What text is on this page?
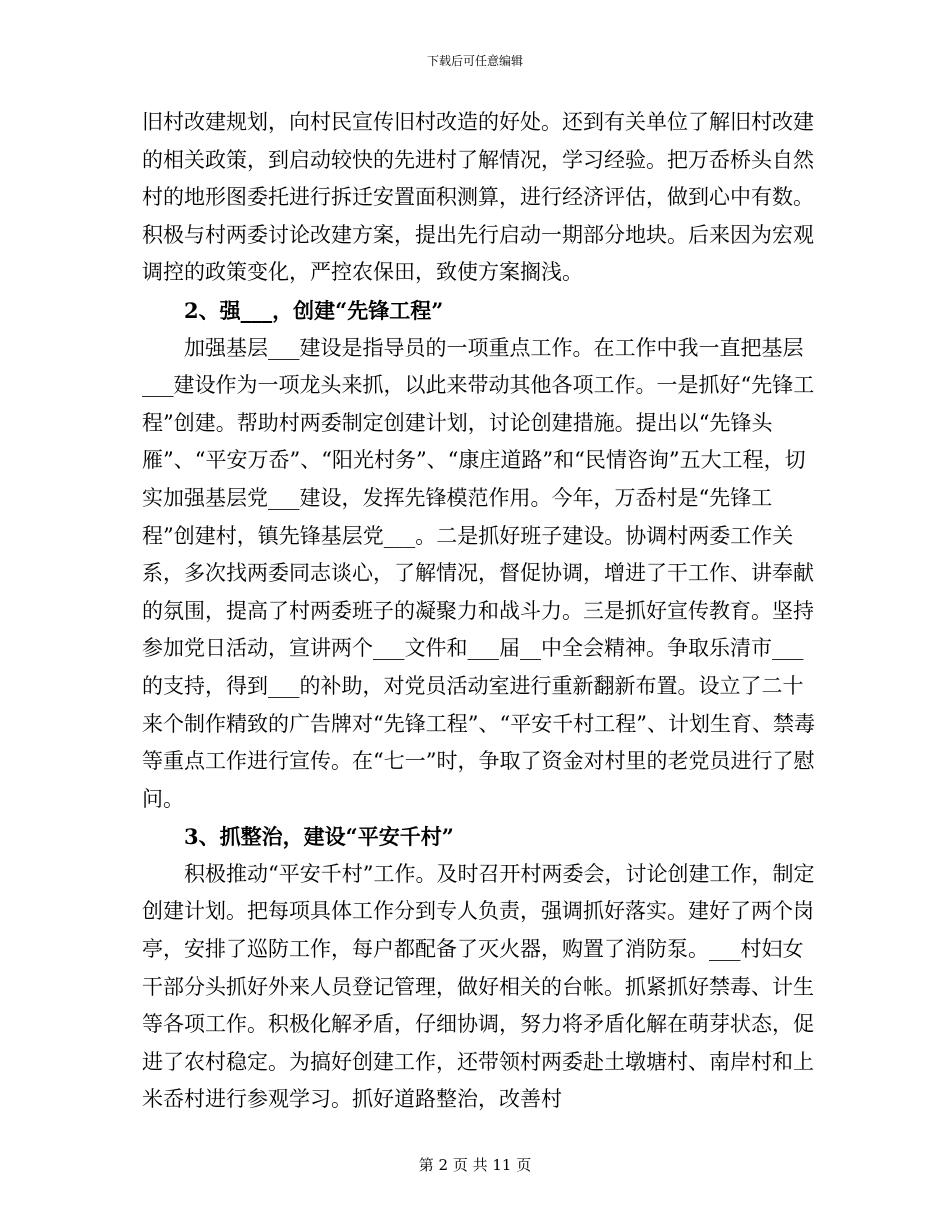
下载后可任意编辑

旧村改建规划，向村民宣传旧村改造的好处。还到有关单位了解旧村改建的相关政策，到启动较快的先进村了解情况，学习经验。把万岙桥头自然村的地形图委托进行拆迁安置面积测算，进行经济评估，做到心中有数。积极与村两委讨论改建方案，提出先行启动一期部分地块。后来因为宏观调控的政策变化，严控农保田，致使方案搁浅。

2、强___，创建“先锋工程”

加强基层___建设是指导员的一项重点工作。在工作中我一直把基层___建设作为一项龙头来抓，以此来带动其他各项工作。一是抓好“先锋工程”创建。帮助村两委制定创建计划，讨论创建措施。提出以“先锋头雁”、“平安万岙”、“阳光村务”、“康庄道路”和“民情咨询”五大工程，切实加强基层党___建设，发挥先锋模范作用。今年，万岙村是“先锋工程”创建村，镇先锋基层党___。二是抓好班子建设。协调村两委工作关系，多次找两委同志谈心，了解情况，督促协调，增进了干工作、讲奉献的氛围，提高了村两委班子的凝聚力和战斗力。三是抓好宣传教育。坚持参加党日活动，宣讲两个___文件和___届__中全会精神。争取乐清市___的支持，得到___的补助，对党员活动室进行重新翻新布置。设立了二十来个制作精致的广告牌对“先锋工程”、“平安千村工程”、计划生育、禁毒等重点工作进行宣传。在“七一”时，争取了资金对村里的老党员进行了慰问。

3、抓整治，建设“平安千村”

积极推动“平安千村”工作。及时召开村两委会，讨论创建工作，制定创建计划。把每项具体工作分到专人负责，强调抓好落实。建好了两个岗亭，安排了巡防工作，每户都配备了灭火器，购置了消防泵。___村妇女干部分头抓好外来人员登记管理，做好相关的台帐。抓紧抓好禁毒、计生等各项工作。积极化解矛盾，仔细协调，努力将矛盾化解在萌芽状态，促进了农村稳定。为搞好创建工作，还带领村两委赴土墩塘村、南岸村和上米岙村进行参观学习。抓好道路整治，改善村

第 2 页 共 11 页
